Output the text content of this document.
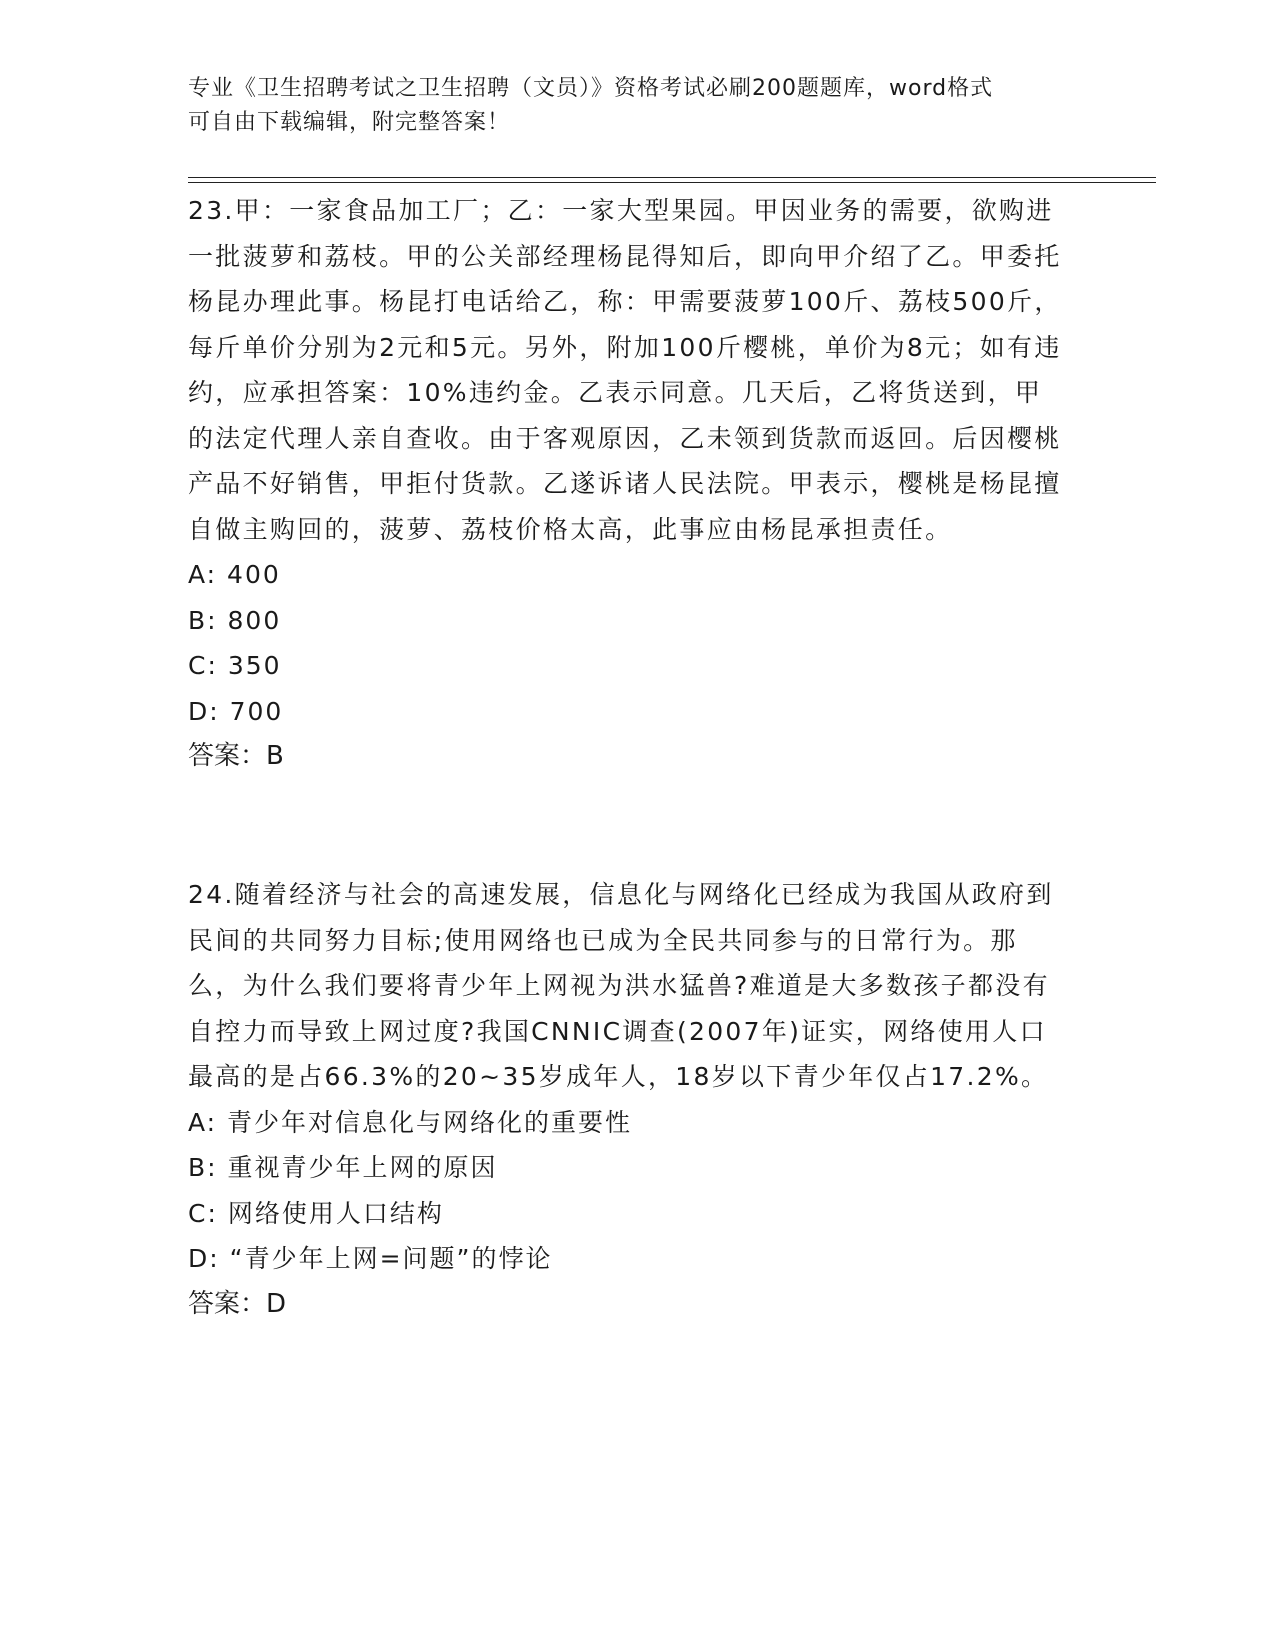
专业《卫生招聘考试之卫生招聘（文员）》资格考试必刷200题题库，word格式
可自由下载编辑，附完整答案！

23.甲：一家食品加工厂；乙：一家大型果园。甲因业务的需要，欲购进一批菠萝和荔枝。甲的公关部经理杨昆得知后，即向甲介绍了乙。甲委托杨昆办理此事。杨昆打电话给乙，称：甲需要菠萝100斤、荔枝500斤，每斤单价分别为2元和5元。另外，附加100斤樱桃，单价为8元；如有违约，应承担答案：10%违约金。乙表示同意。几天后，乙将货送到，甲的法定代理人亲自查收。由于客观原因，乙未领到货款而返回。后因樱桃产品不好销售，甲拒付货款。乙遂诉诸人民法院。甲表示，樱桃是杨昆擅自做主购回的，菠萝、荔枝价格太高，此事应由杨昆承担责任。

A: 400
B: 800
C: 350
D: 700
答案：B

24.随着经济与社会的高速发展，信息化与网络化已经成为我国从政府到民间的共同努力目标;使用网络也已成为全民共同参与的日常行为。那么，为什么我们要将青少年上网视为洪水猛兽?难道是大多数孩子都没有自控力而导致上网过度?我国CNNIC调查(2007年)证实，网络使用人口最高的是占66.3%的20~35岁成年人，18岁以下青少年仅占17.2%。

A: 青少年对信息化与网络化的重要性
B: 重视青少年上网的原因
C: 网络使用人口结构
D: “青少年上网=问题”的悖论
答案：D
